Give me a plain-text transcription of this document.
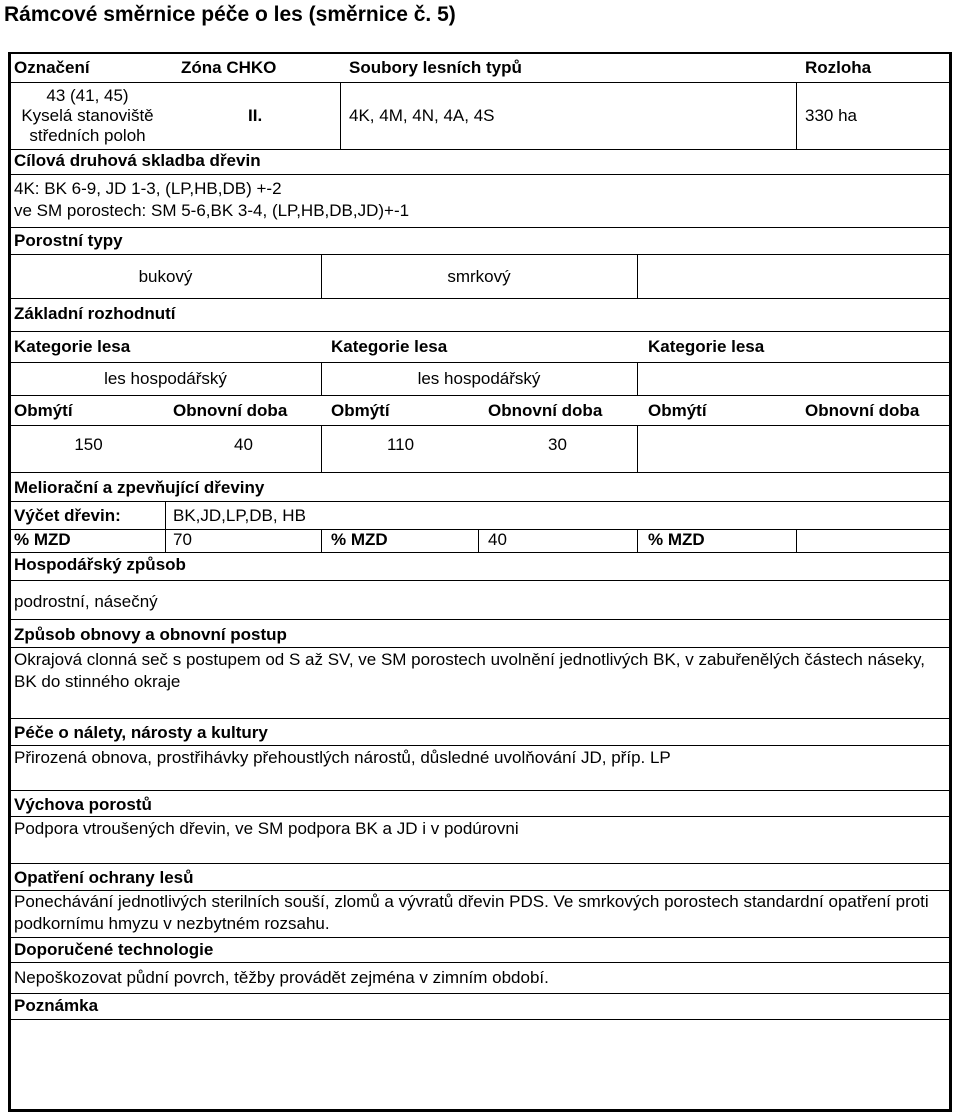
Rámcové směrnice péče o les (směrnice č. 5)
Označení	Zóna CHKO	Soubory lesních typů	Rozloha
43 (41, 45)
Kyselá stanoviště
středních poloh
II.	4K, 4M, 4N, 4A, 4S	330 ha
Cílová druhová skladba dřevin
4K: BK 6-9, JD 1-3, (LP,HB,DB) +-2
ve SM porostech: SM 5-6,BK 3-4, (LP,HB,DB,JD)+-1
Porostní typy
bukový	smrkový
Základní rozhodnutí
Kategorie lesa	Kategorie lesa	Kategorie lesa
les hospodářský	les hospodářský
Obmýtí	Obnovní doba	Obmýtí	Obnovní doba	Obmýtí	Obnovní doba
150	40	110	30
Meliorační a zpevňující dřeviny
Výčet dřevin:	BK,JD,LP,DB, HB
% MZD	70	% MZD	40	% MZD
Hospodářský způsob
podrostní, násečný
Způsob obnovy a obnovní postup
Okrajová clonná seč s postupem od S až SV, ve SM porostech uvolnění jednotlivých BK, v zabuřenělých částech náseky, BK do stinného okraje
Péče o nálety, nárosty a kultury
Přirozená obnova, prostřihávky přehoustlých nárostů, důsledné uvolňování JD, příp. LP
Výchova porostů
Podpora vtroušených dřevin, ve SM podpora BK a JD i v podúrovni
Opatření ochrany lesů
Ponechávání jednotlivých sterilních souší, zlomů a vývratů dřevin PDS. Ve smrkových porostech standardní opatření proti podkornímu hmyzu v nezbytném rozsahu.
Doporučené technologie
Nepoškozovat půdní povrch, těžby provádět zejména v zimním období.
Poznámka
